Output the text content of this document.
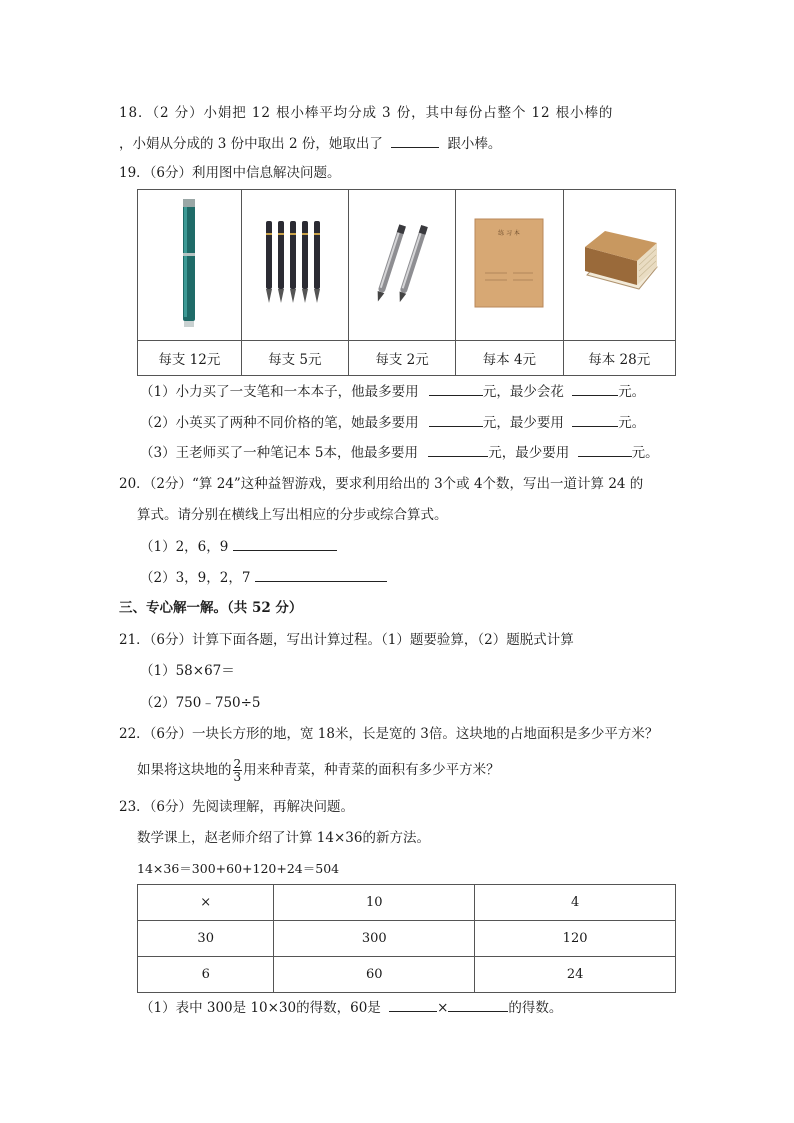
18．（2 分）小娟把 12 根小棒平均分成 3 份，其中每份占整个 12 根小棒的
，小娟从分成的 3 份中取出 2 份，她取出了	跟小棒。
19．（6分）利用图中信息解决问题。

练 习 本

每支 12元	每支 5元	每支 2元	每本 4元	每本 28元
（1）小力买了一支笔和一本本子，他最多要用	元，最少会花	元。
（2）小英买了两种不同价格的笔，她最多要用	元，最少要用	元。
（3）王老师买了一种笔记本 5本，他最多要用	元，最少要用	元。
20．（2分）“算 24”这种益智游戏，要求利用给出的 3个或 4个数，写出一道计算 24 的
算式。请分别在横线上写出相应的分步或综合算式。
（1）2，6，9
（2）3，9，2，7
三、专心解一解。（共 52 分）
21．（6分）计算下面各题，写出计算过程。（1）题要验算，（2）题脱式计算
（1）58×67＝
（2）750﹣750÷5
22．（6分）一块长方形的地，宽 18米，长是宽的 3倍。这块地的占地面积是多少平方米？
如果将这块地的 $\frac{2}{3}$ 用来种青菜，种青菜的面积有多少平方米？
23．（6分）先阅读理解，再解决问题。
数学课上，赵老师介绍了计算 14×36的新方法。
14×36＝300+60+120+24＝504
×	10	4
30	300	120
6	60	24
（1）表中 300是 10×30的得数，60是	×	的得数。
